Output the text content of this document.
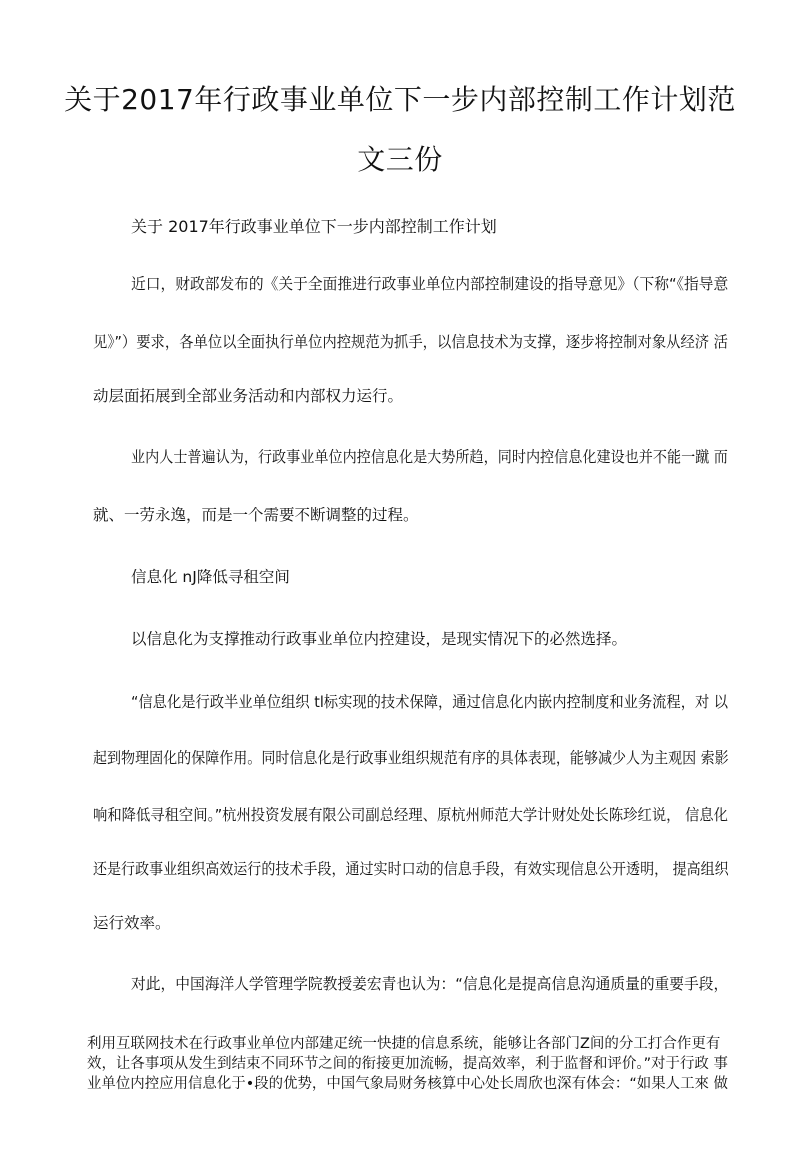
关于2017年行政事业单位下一步内部控制工作计划范
文三份
关于 2017年行政事业单位下一步内部控制工作计划
近口，财政部发布的《关于全面推进行政事业单位内部控制建设的指导意见》（下称“《指导意
见》”）要求，各单位以全面执行单位内控规范为抓手，以信息技术为支撑，逐步将控制对象从经济 活
动层面拓展到全部业务活动和内部权力运行。
业内人士普遍认为，行政事业单位内控信息化是大势所趋，同时内控信息化建设也并不能一蹴 而
就、一劳永逸，而是一个需要不断调整的过程。
信息化 nJ降低寻租空间
以信息化为支撑推动行政事业单位内控建设，是现实情况下的必然选择。
“信息化是行政半业单位组织 tl标实现的技术保障，通过信息化内嵌内控制度和业务流程，对 以
起到物理固化的保障作用。同时信息化是行政事业组织规范有序的具体表现，能够减少人为主观因 索影
响和降低寻租空间。”杭州投资发展有限公司副总经理、原杭州师范大学计财处处长陈珍红说， 信息化
还是行政事业组织高效运行的技术手段，通过实时口动的信息手段，有效实现信息公开透明， 提高组织
运行效率。
对此，中国海洋人学管理学院教授姜宏青也认为：“信息化是提高信息沟通质量的重要手段，
利用互联网技术在行政事业单位内部建疋统一快捷的信息系统，能够让各部门Z间的分工打合作更有
效，让各事项从发生到结束不同环节之间的衔接更加流畅，提高效率，利于监督和评价。”对于行政 事
业单位内控应用信息化于•段的优势，中国气象局财务核算中心处长周欣也深有体会：“如果人工來 做
